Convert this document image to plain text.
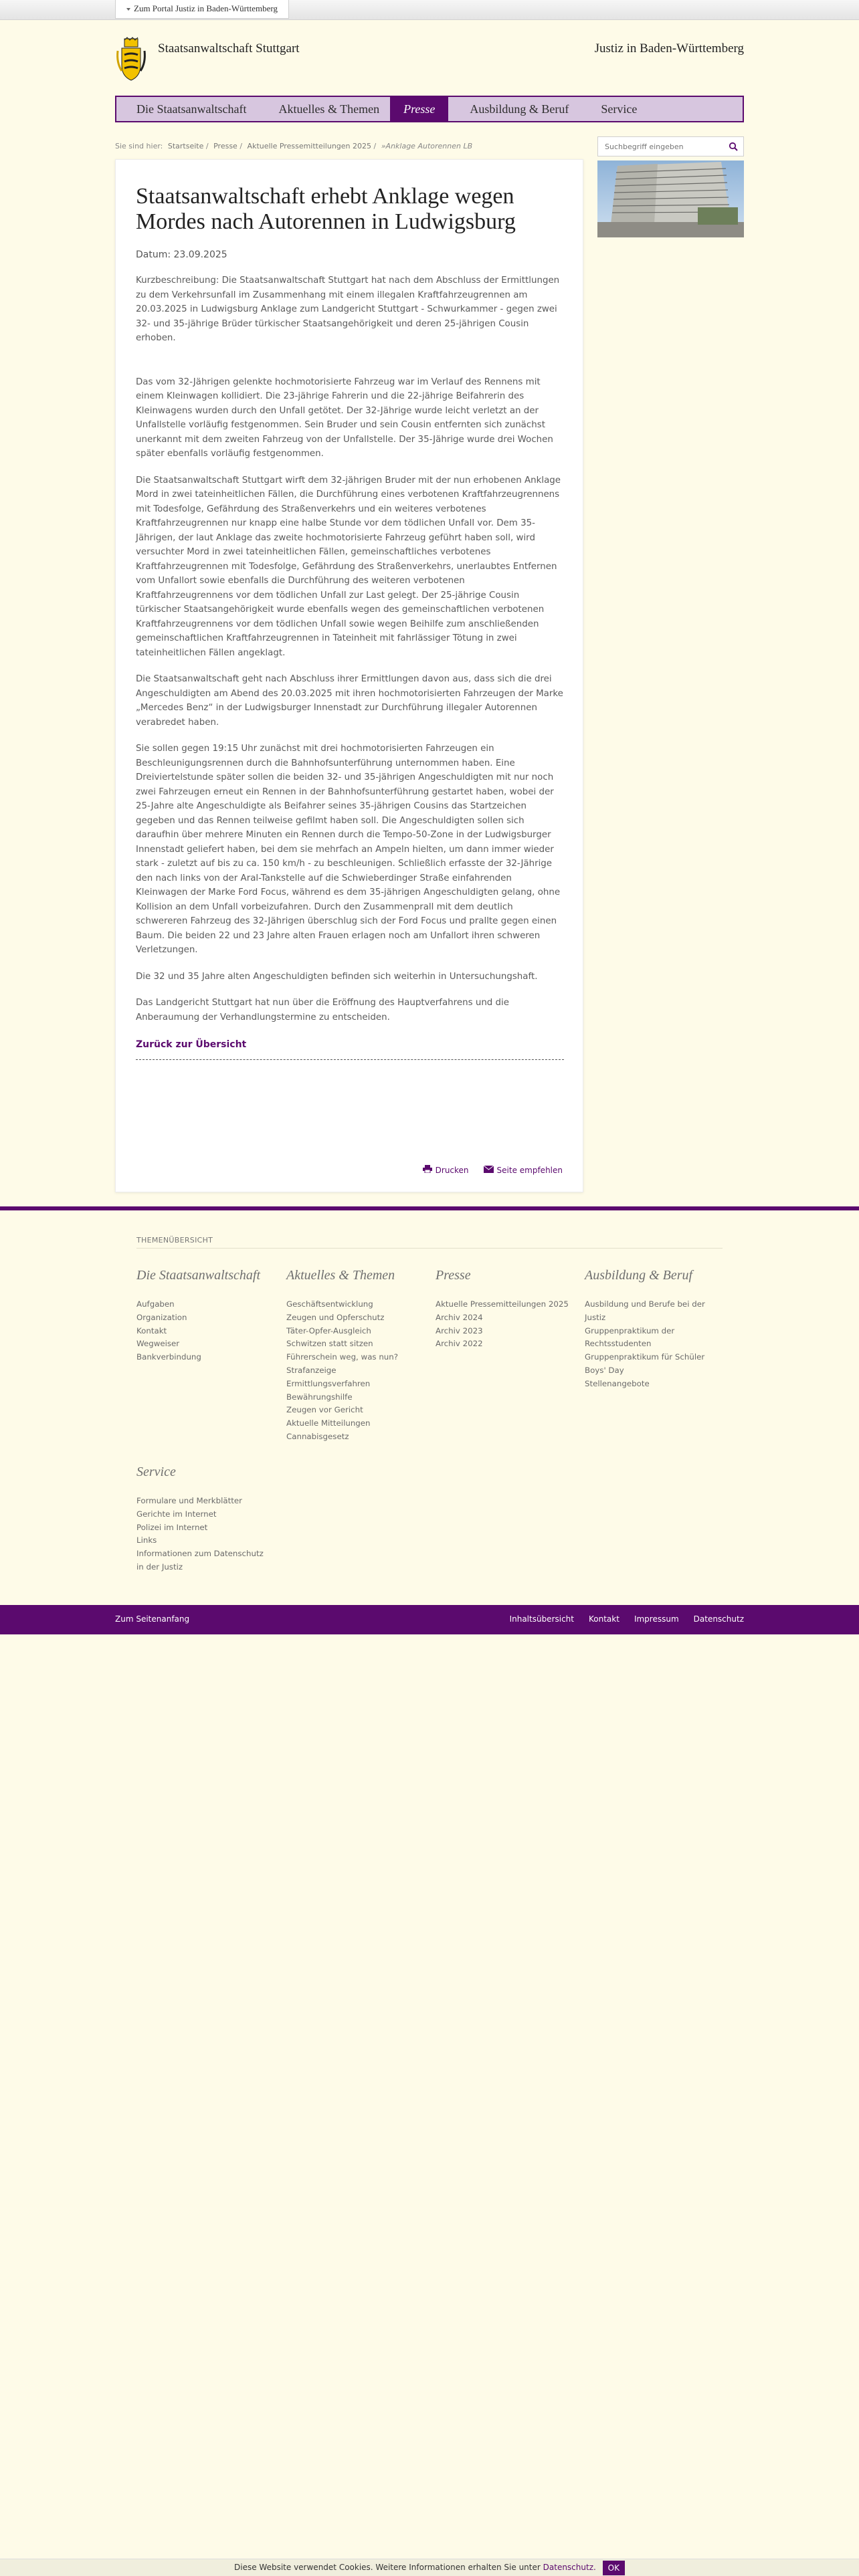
Zum Portal Justiz in Baden-Württemberg
Staatsanwaltschaft Stuttgart	Justiz in Baden-Württemberg
Die Staatsanwaltschaft	Aktuelles & Themen	Presse	Ausbildung & Beruf	Service
Sie sind hier: Startseite / Presse / Aktuelle Pressemitteilungen 2025 / »Anklage Autorennen LB
Suchbegriff eingeben
Staatsanwaltschaft erhebt Anklage wegen Mordes nach Autorennen in Ludwigsburg
Datum: 23.09.2025

Kurzbeschreibung: Die Staatsanwaltschaft Stuttgart hat nach dem Abschluss der Ermittlungen zu dem Verkehrsunfall im Zusammenhang mit einem illegalen Kraftfahrzeugrennen am 20.03.2025 in Ludwigsburg Anklage zum Landgericht Stuttgart - Schwurkammer - gegen zwei 32- und 35-jährige Brüder türkischer Staatsangehörigkeit und deren 25-jährigen Cousin erhoben.

Das vom 32-Jährigen gelenkte hochmotorisierte Fahrzeug war im Verlauf des Rennens mit einem Kleinwagen kollidiert. Die 23-jährige Fahrerin und die 22-jährige Beifahrerin des Kleinwagens wurden durch den Unfall getötet. Der 32-Jährige wurde leicht verletzt an der Unfallstelle vorläufig festgenommen. Sein Bruder und sein Cousin entfernten sich zunächst unerkannt mit dem zweiten Fahrzeug von der Unfallstelle. Der 35-Jährige wurde drei Wochen später ebenfalls vorläufig festgenommen.

Die Staatsanwaltschaft Stuttgart wirft dem 32-jährigen Bruder mit der nun erhobenen Anklage Mord in zwei tateinheitlichen Fällen, die Durchführung eines verbotenen Kraftfahrzeugrennens mit Todesfolge, Gefährdung des Straßenverkehrs und ein weiteres verbotenes Kraftfahrzeugrennen nur knapp eine halbe Stunde vor dem tödlichen Unfall vor. Dem 35-Jährigen, der laut Anklage das zweite hochmotorisierte Fahrzeug geführt haben soll, wird versuchter Mord in zwei tateinheitlichen Fällen, gemeinschaftliches verbotenes Kraftfahrzeugrennen mit Todesfolge, Gefährdung des Straßenverkehrs, unerlaubtes Entfernen vom Unfallort sowie ebenfalls die Durchführung des weiteren verbotenen Kraftfahrzeugrennens vor dem tödlichen Unfall zur Last gelegt. Der 25-jährige Cousin türkischer Staatsangehörigkeit wurde ebenfalls wegen des gemeinschaftlichen verbotenen Kraftfahrzeugrennens vor dem tödlichen Unfall sowie wegen Beihilfe zum anschließenden gemeinschaftlichen Kraftfahrzeugrennen in Tateinheit mit fahrlässiger Tötung in zwei tateinheitlichen Fällen angeklagt.

Die Staatsanwaltschaft geht nach Abschluss ihrer Ermittlungen davon aus, dass sich die drei Angeschuldigten am Abend des 20.03.2025 mit ihren hochmotorisierten Fahrzeugen der Marke „Mercedes Benz“ in der Ludwigsburger Innenstadt zur Durchführung illegaler Autorennen verabredet haben.

Sie sollen gegen 19:15 Uhr zunächst mit drei hochmotorisierten Fahrzeugen ein Beschleunigungsrennen durch die Bahnhofsunterführung unternommen haben. Eine Dreiviertelstunde später sollen die beiden 32- und 35-jährigen Angeschuldigten mit nur noch zwei Fahrzeugen erneut ein Rennen in der Bahnhofsunterführung gestartet haben, wobei der 25-Jahre alte Angeschuldigte als Beifahrer seines 35-jährigen Cousins das Startzeichen gegeben und das Rennen teilweise gefilmt haben soll. Die Angeschuldigten sollen sich daraufhin über mehrere Minuten ein Rennen durch die Tempo-50-Zone in der Ludwigsburger Innenstadt geliefert haben, bei dem sie mehrfach an Ampeln hielten, um dann immer wieder stark - zuletzt auf bis zu ca. 150 km/h - zu beschleunigen. Schließlich erfasste der 32-Jährige den nach links von der Aral-Tankstelle auf die Schwieberdinger Straße einfahrenden Kleinwagen der Marke Ford Focus, während es dem 35-jährigen Angeschuldigten gelang, ohne Kollision an dem Unfall vorbeizufahren. Durch den Zusammenprall mit dem deutlich schwereren Fahrzeug des 32-Jährigen überschlug sich der Ford Focus und prallte gegen einen Baum. Die beiden 22 und 23 Jahre alten Frauen erlagen noch am Unfallort ihren schweren Verletzungen.

Die 32 und 35 Jahre alten Angeschuldigten befinden sich weiterhin in Untersuchungshaft.

Das Landgericht Stuttgart hat nun über die Eröffnung des Hauptverfahrens und die Anberaumung der Verhandlungstermine zu entscheiden.

Zurück zur Übersicht
Drucken	Seite empfehlen
THEMENÜBERSICHT
Die Staatsanwaltschaft
Aufgaben
Organization
Kontakt
Wegweiser
Bankverbindung
Aktuelles & Themen
Geschäftsentwicklung
Zeugen und Opferschutz
Täter-Opfer-Ausgleich
Schwitzen statt sitzen
Führerschein weg, was nun?
Strafanzeige
Ermittlungsverfahren
Bewährungshilfe
Zeugen vor Gericht
Aktuelle Mitteilungen
Cannabisgesetz
Presse
Aktuelle Pressemitteilungen 2025
Archiv 2024
Archiv 2023
Archiv 2022
Ausbildung & Beruf
Ausbildung und Berufe bei der Justiz
Gruppenpraktikum der Rechtsstudenten
Gruppenpraktikum für Schüler
Boys' Day
Stellenangebote
Service
Formulare und Merkblätter
Gerichte im Internet
Polizei im Internet
Links
Informationen zum Datenschutz in der Justiz
Zum Seitenanfang	Inhaltsübersicht Kontakt Impressum Datenschutz
Diese Website verwendet Cookies. Weitere Informationen erhalten Sie unter Datenschutz. OK
